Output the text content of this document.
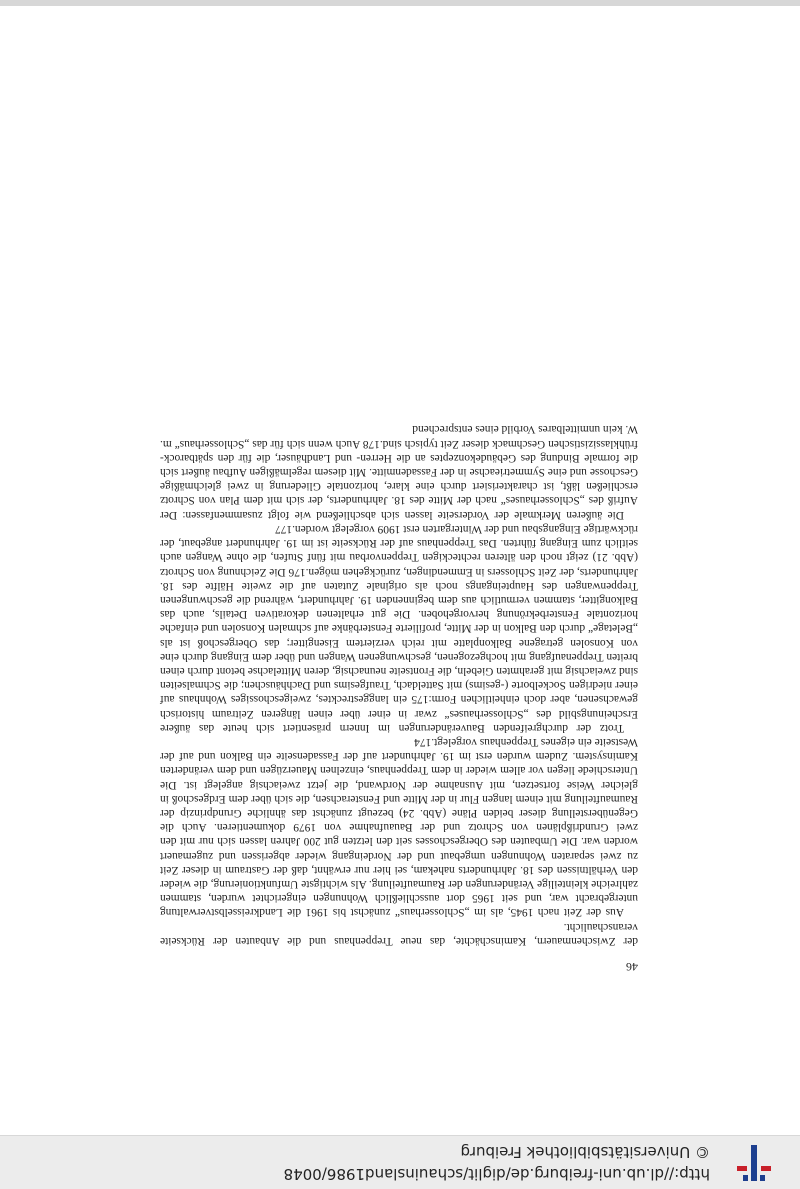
http://dl.ub.uni-freiburg.de/diglit/schauinsland1986/0048
© Universitätsbibliothek Freiburg
46

der Zwischenmauern, Kaminschächte, das neue Treppenhaus und die Anbauten der Rückseite veranschaulicht.

Aus der Zeit nach 1945, als im „Schlosserhaus“ zunächst bis 1961 die Landkreisselbstverwaltung untergebracht war, und seit 1965 dort ausschließlich Wohnungen eingerichtet wurden, stammen zahlreiche kleinteilige Veränderungen der Raumaufteilung. Als wichtigste Umfunktionierung, die wieder den Verhältnissen des 18. Jahrhunderts nahekam, sei hier nur erwähnt, daß der Gastraum in dieser Zeit zu zwei separaten Wohnungen umgebaut und der Nordeingang wieder abgerissen und zugemauert worden war. Die Umbauten des Obergeschosses seit den letzten gut 200 Jahren lassen sich nur mit den zwei Grundrißplänen von Schrotz und der Bauaufnahme von 1979 dokumentieren. Auch die Gegenüberstellung dieser beiden Pläne (Abb. 24) bezeugt zunächst das ähnliche Grundprinzip der Raumaufteilung mit einem langen Flur in der Mitte und Fensterachsen, die sich über dem Erdgeschoß in gleicher Weise fortsetzen, mit Ausnahme der Nordwand, die jetzt zweiachsig angelegt ist. Die Unterschiede liegen vor allem wieder in dem Treppenhaus, einzelnen Mauerzügen und dem veränderten Kaminsystem. Zudem wurden erst im 19. Jahrhundert auf der Fassadenseite ein Balkon und auf der Westseite ein eigenes Treppenhaus vorgelegt.174

Trotz der durchgreifenden Bauveränderungen im Innern präsentiert sich heute das äußere Erscheinungsbild des „Schlosserhauses“ zwar in einer über einen längeren Zeitraum historisch gewachsenen, aber doch einheitlichen Form:175 ein langgestrecktes, zweigeschossiges Wohnhaus auf einer niedrigen Sockelborte (-gesims) mit Satteldach, Traufgesims und Dachhäuschen; die Schmalseiten sind zweiachsig mit gerahmten Giebeln, die Frontseite neunachsig, deren Mittelachse betont durch einen breiten Treppenaufgang mit hochgezogenen, geschwungenen Wangen und über dem Eingang durch eine von Konsolen getragene Balkonplatte mit reich verziertem Eisengitter; das Obergeschoß ist als „Beletage“ durch den Balkon in der Mitte, profilierte Fensterbänke auf schmalen Konsolen und einfache horizontale Fensterbekrönung hervorgehoben. Die gut erhaltenen dekorativen Details, auch das Balkongitter, stammen vermutlich aus dem beginnenden 19. Jahrhundert, während die geschwungenen Treppenwangen des Haupteingangs noch als originale Zutaten auf die zweite Hälfte des 18. Jahrhunderts, der Zeit Schlossers in Emmendingen, zurückgehen mögen.176 Die Zeichnung von Schrotz (Abb. 21) zeigt noch den älteren rechteckigen Treppenvorbau mit fünf Stufen, die ohne Wangen auch seitlich zum Eingang führten. Das Treppenhaus auf der Rückseite ist im 19. Jahrhundert angebaut, der rückwärtige Eingangsbau und der Wintergarten erst 1909 vorgelegt worden.177

Die äußeren Merkmale der Vorderseite lassen sich abschließend wie folgt zusammenfassen: Der Aufriß des „Schlosserhauses“ nach der Mitte des 18. Jahrhunderts, der sich mit dem Plan von Schrotz erschließen läßt, ist charakterisiert durch eine klare, horizontale Gliederung in zwei gleichmäßige Geschosse und eine Symmetrieachse in der Fassadenmitte. Mit diesem regelmäßigen Aufbau äußert sich die formale Bindung des Gebäudekonzeptes an die Herren- und Landhäuser, die für den spätbarock-frühklassizistischen Geschmack dieser Zeit typisch sind.178 Auch wenn sich für das „Schlosserhaus“ m. W. kein unmittelbares Vorbild eines entsprechend
